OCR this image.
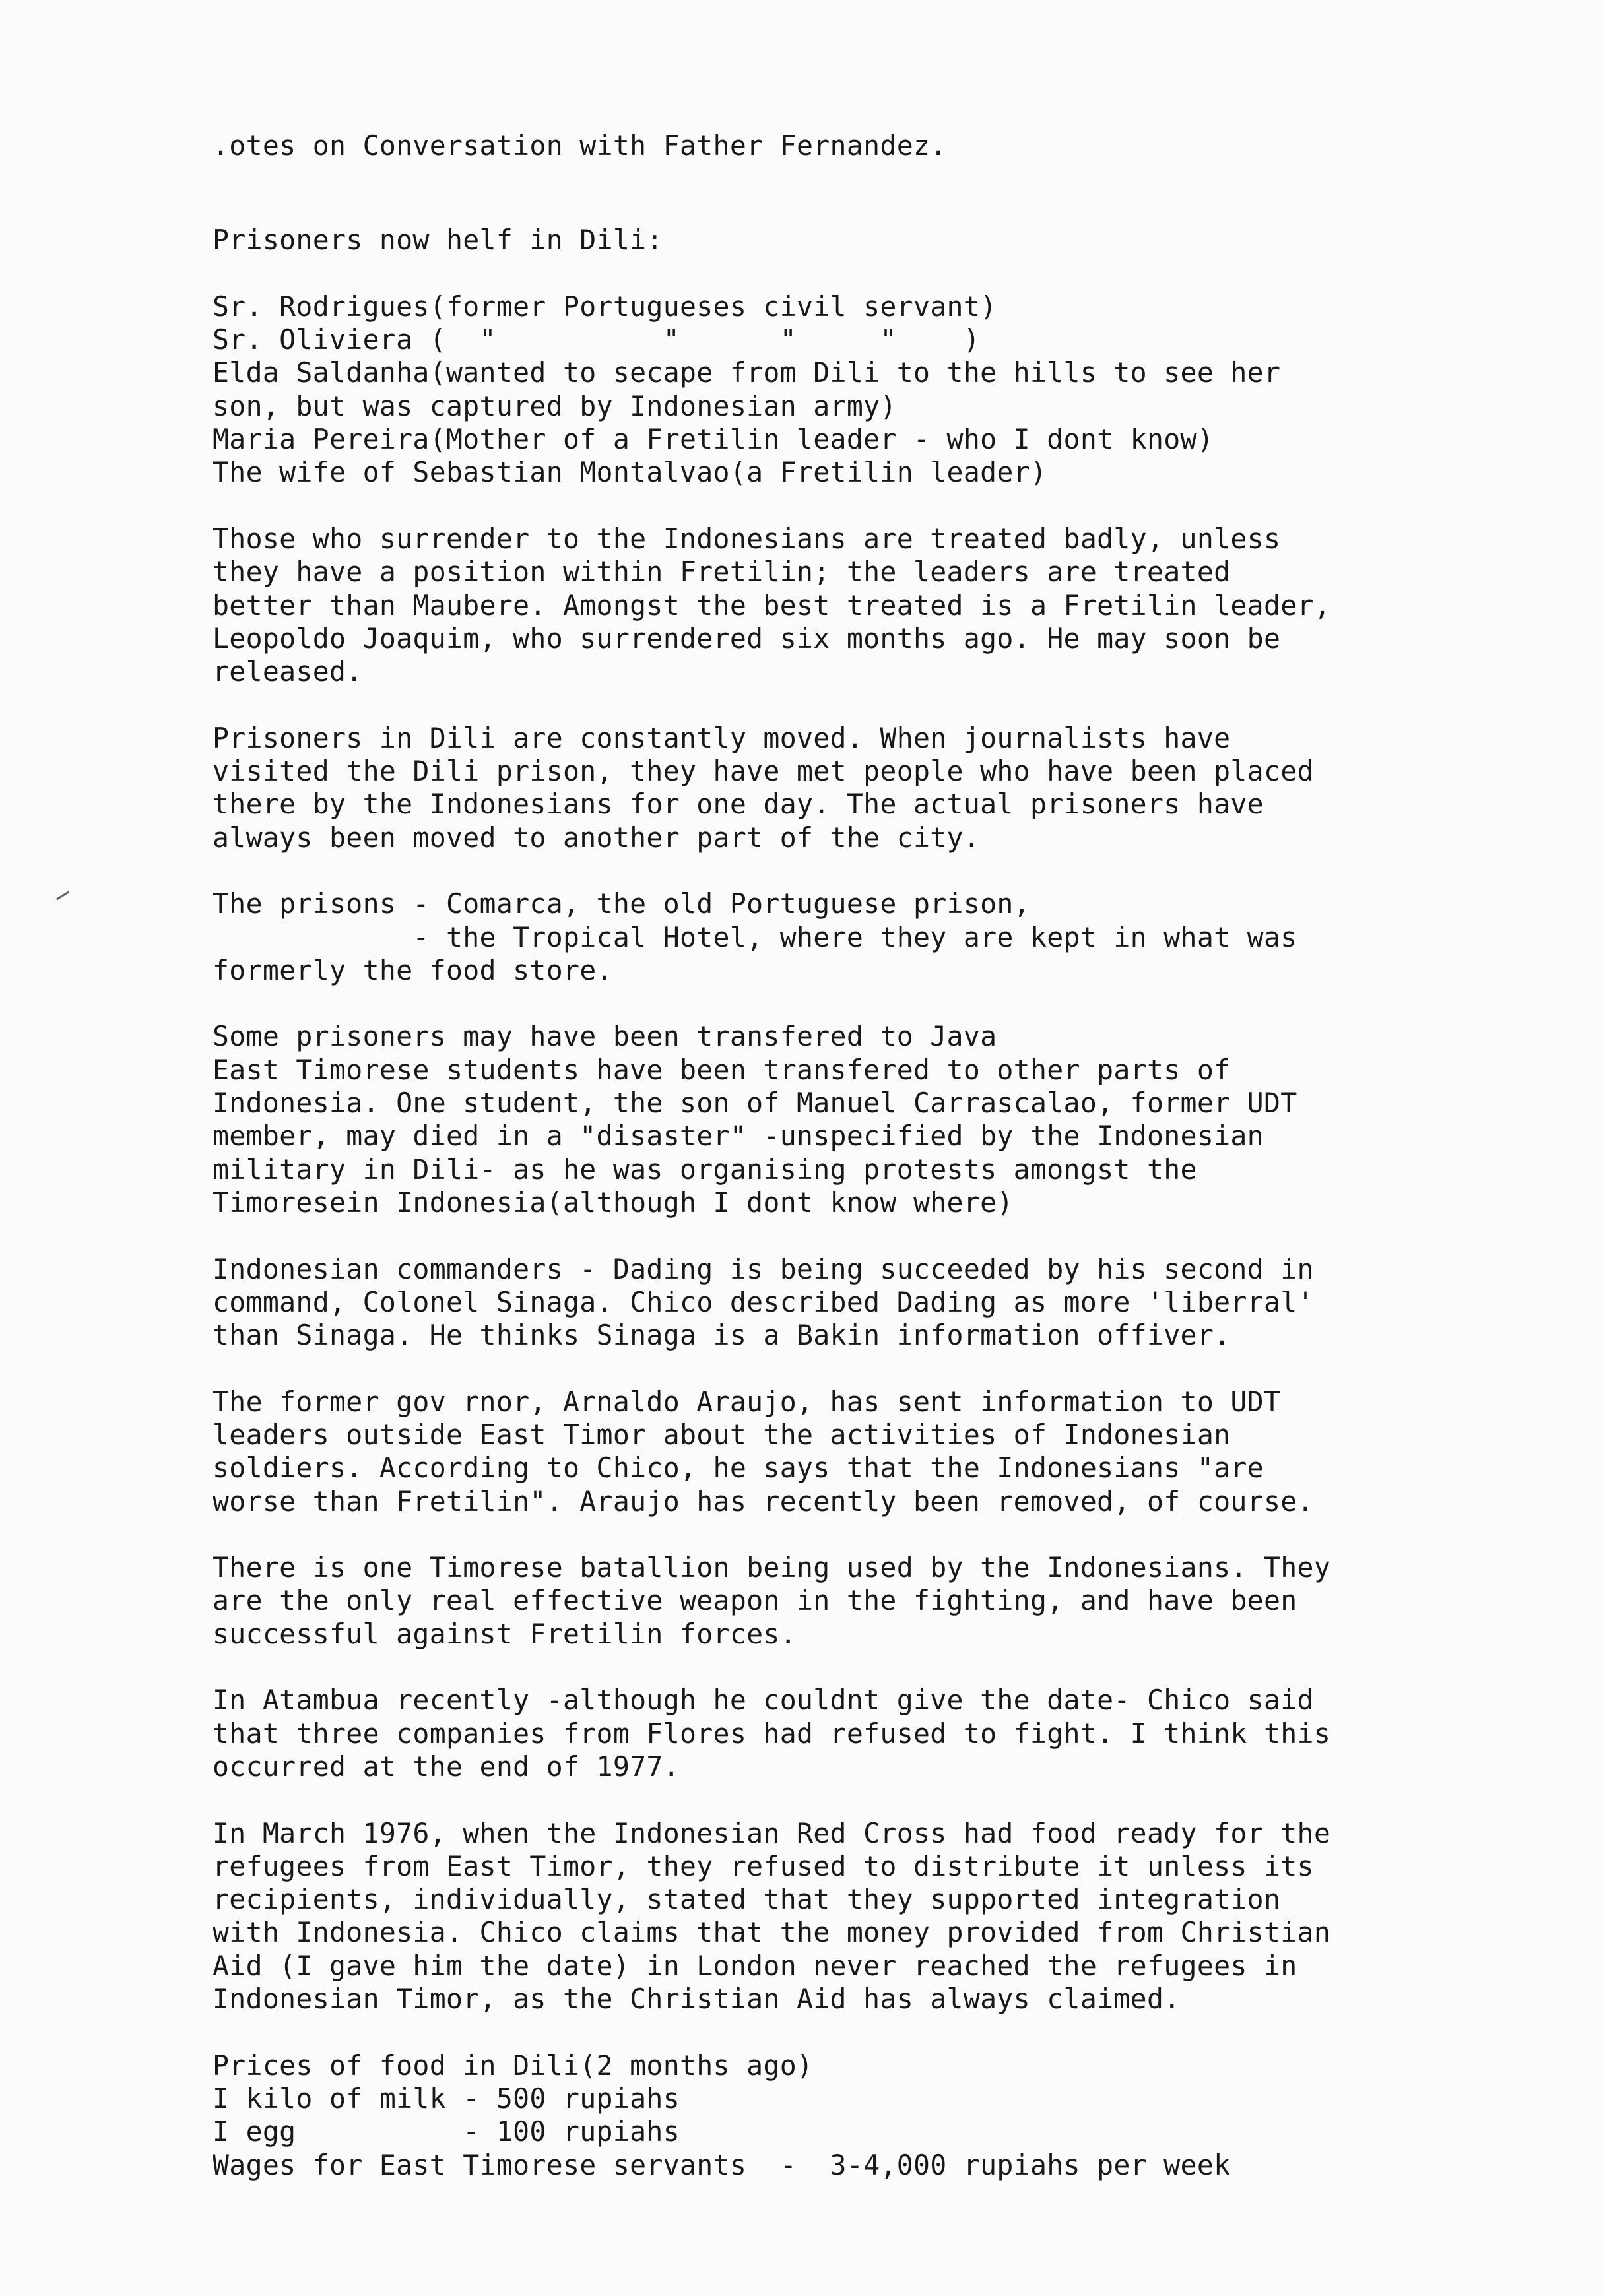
.otes on Conversation with Father Fernandez.
Prisoners now helf in Dili:
Sr. Rodrigues(former Portugueses civil servant)
Sr. Oliviera (  "          "      "     "    )
Elda Saldanha(wanted to secape from Dili to the hills to see her
son, but was captured by Indonesian army)
Maria Pereira(Mother of a Fretilin leader - who I dont know)
The wife of Sebastian Montalvao(a Fretilin leader)
Those who surrender to the Indonesians are treated badly, unless
they have a position within Fretilin; the leaders are treated
better than Maubere. Amongst the best treated is a Fretilin leader,
Leopoldo Joaquim, who surrendered six months ago. He may soon be
released.
Prisoners in Dili are constantly moved. When journalists have
visited the Dili prison, they have met people who have been placed
there by the Indonesians for one day. The actual prisoners have
always been moved to another part of the city.
The prisons - Comarca, the old Portuguese prison,
- the Tropical Hotel, where they are kept in what was
formerly the food store.
Some prisoners may have been transfered to Java
East Timorese students have been transfered to other parts of
Indonesia. One student, the son of Manuel Carrascalao, former UDT
member, may died in a "disaster" -unspecified by the Indonesian
military in Dili- as he was organising protests amongst the
Timoresein Indonesia(although I dont know where)
Indonesian commanders - Dading is being succeeded by his second in
command, Colonel Sinaga. Chico described Dading as more 'liberral'
than Sinaga. He thinks Sinaga is a Bakin information offiver.
The former gov rnor, Arnaldo Araujo, has sent information to UDT
leaders outside East Timor about the activities of Indonesian
soldiers. According to Chico, he says that the Indonesians "are
worse than Fretilin". Araujo has recently been removed, of course.
There is one Timorese batallion being used by the Indonesians. They
are the only real effective weapon in the fighting, and have been
successful against Fretilin forces.
In Atambua recently -although he couldnt give the date- Chico said
that three companies from Flores had refused to fight. I think this
occurred at the end of 1977.
In March 1976, when the Indonesian Red Cross had food ready for the
refugees from East Timor, they refused to distribute it unless its
recipients, individually, stated that they supported integration
with Indonesia. Chico claims that the money provided from Christian
Aid (I gave him the date) in London never reached the refugees in
Indonesian Timor, as the Christian Aid has always claimed.
Prices of food in Dili(2 months ago)
I kilo of milk - 500 rupiahs
I egg          - 100 rupiahs
Wages for East Timorese servants  -  3-4,000 rupiahs per week
